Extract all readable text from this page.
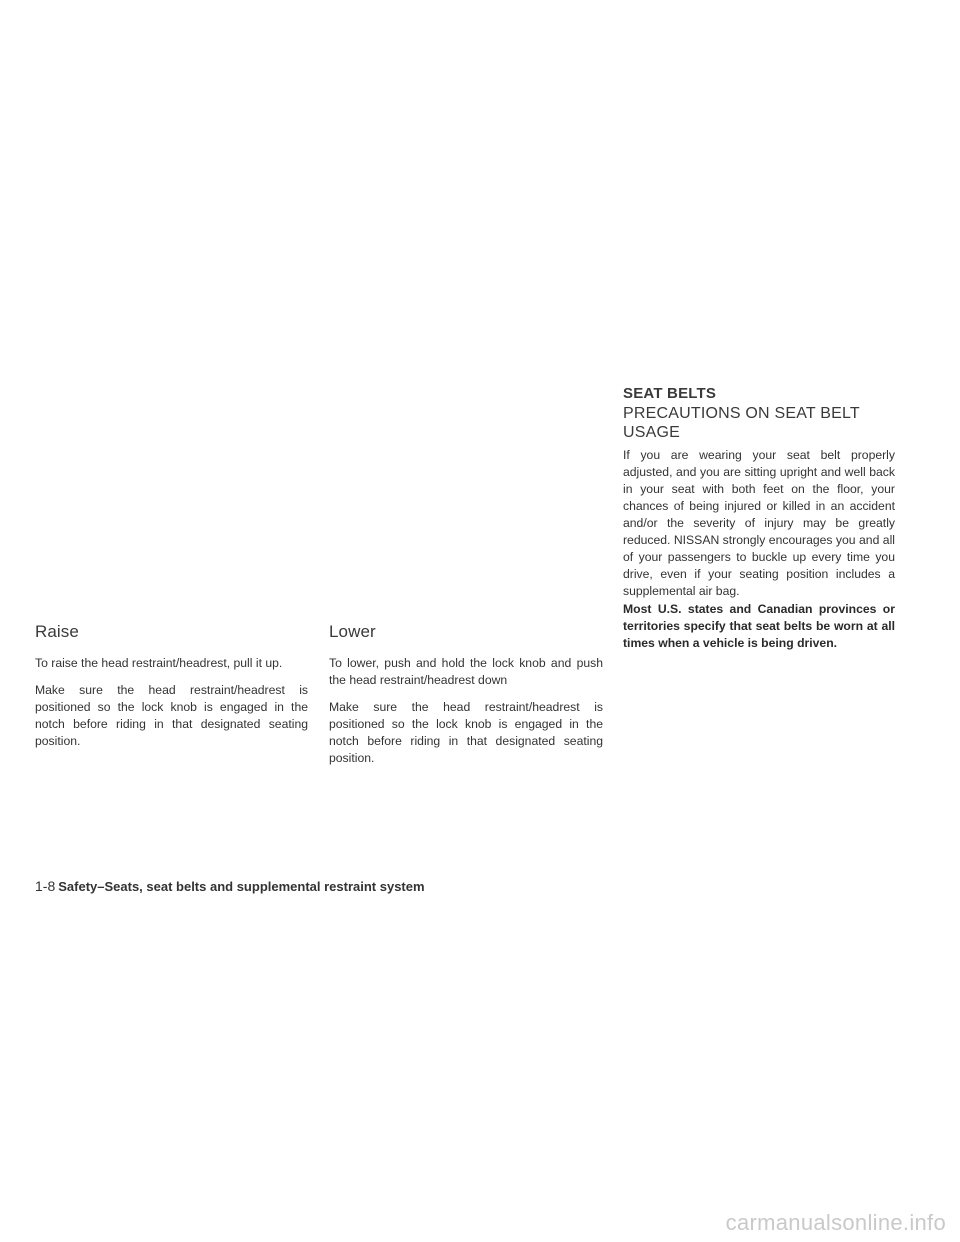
Raise

To raise the head restraint/headrest, pull it up.

Make sure the head restraint/headrest is positioned so the lock knob is engaged in the notch before riding in that designated seating position.

Lower

To lower, push and hold the lock knob and push the head restraint/headrest down

Make sure the head restraint/headrest is positioned so the lock knob is engaged in the notch before riding in that designated seating position.

SEAT BELTS
PRECAUTIONS ON SEAT BELT USAGE

If you are wearing your seat belt properly adjusted, and you are sitting upright and well back in your seat with both feet on the floor, your chances of being injured or killed in an accident and/or the severity of injury may be greatly reduced. NISSAN strongly encourages you and all of your passengers to buckle up every time you drive, even if your seating position includes a supplemental air bag.

Most U.S. states and Canadian provinces or territories specify that seat belts be worn at all times when a vehicle is being driven.

1-8 Safety–Seats, seat belts and supplemental restraint system
carmanualsonline.info
